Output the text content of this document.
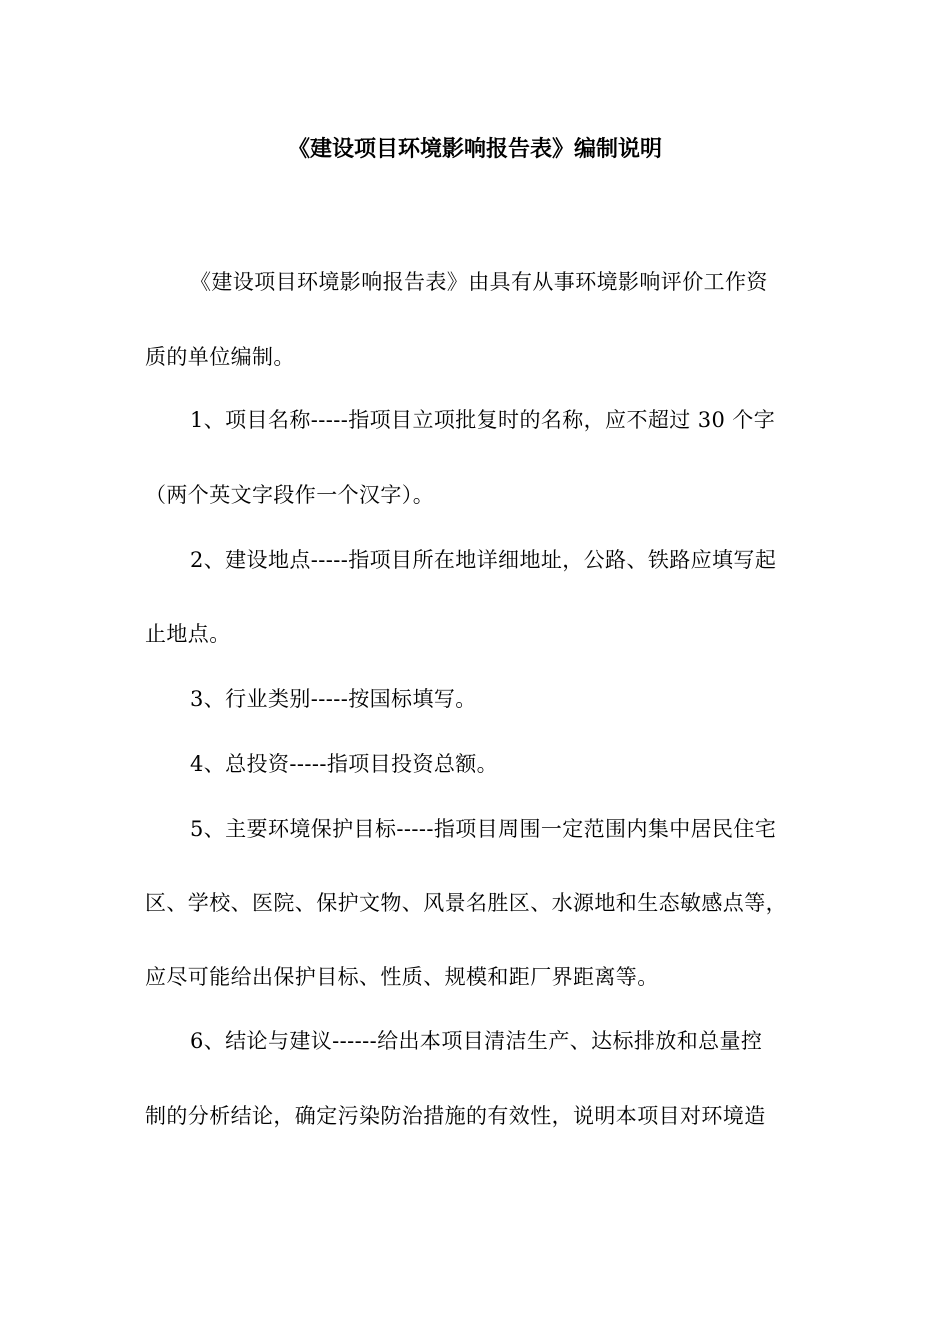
《建设项目环境影响报告表》编制说明
《建设项目环境影响报告表》由具有从事环境影响评价工作资
质的单位编制。
1、项目名称-----指项目立项批复时的名称，应不超过 30 个字
（两个英文字段作一个汉字）。
2、建设地点-----指项目所在地详细地址，公路、铁路应填写起
止地点。
3、行业类别-----按国标填写。
4、总投资-----指项目投资总额。
5、主要环境保护目标-----指项目周围一定范围内集中居民住宅
区、学校、医院、保护文物、风景名胜区、水源地和生态敏感点等，
应尽可能给出保护目标、性质、规模和距厂界距离等。
6、结论与建议------给出本项目清洁生产、达标排放和总量控
制的分析结论，确定污染防治措施的有效性，说明本项目对环境造
